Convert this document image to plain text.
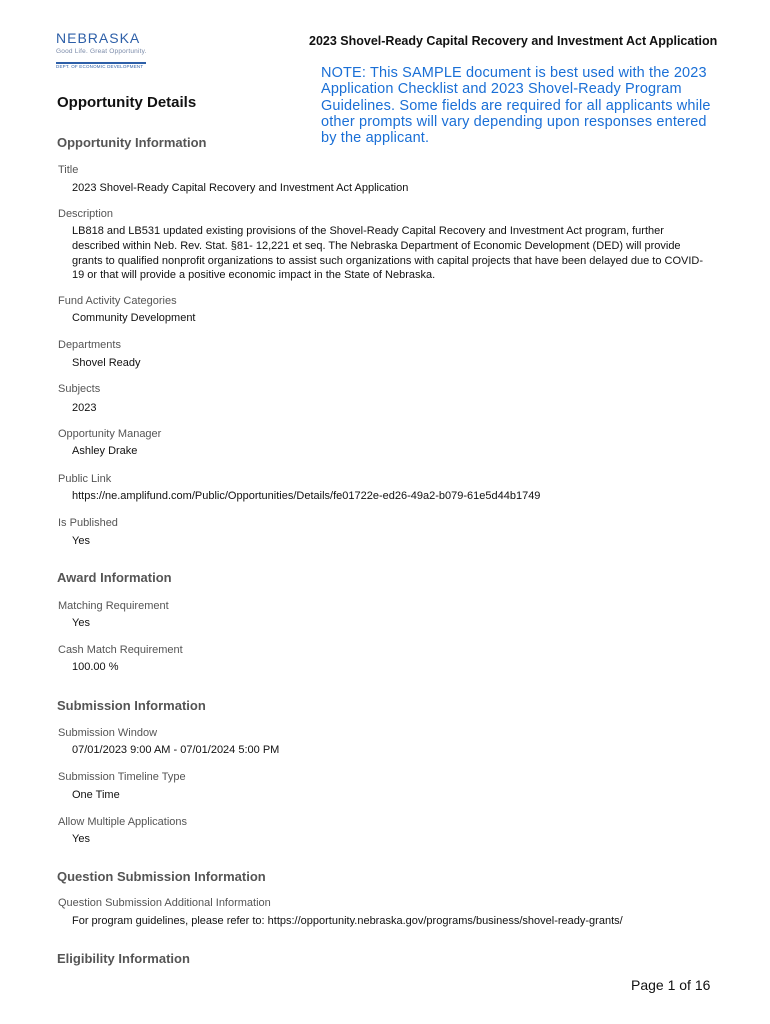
NEBRASKA
Good Life. Great Opportunity.
DEPT. OF ECONOMIC DEVELOPMENT
2023 Shovel-Ready Capital Recovery and Investment Act Application
NOTE: This SAMPLE document is best used with the 2023 Application Checklist and 2023 Shovel-Ready Program Guidelines. Some fields are required for all applicants while other prompts will vary depending upon responses entered by the applicant.
Opportunity Details
Opportunity Information
Title
2023 Shovel-Ready Capital Recovery and Investment Act Application
Description
LB818 and LB531 updated existing provisions of the Shovel-Ready Capital Recovery and Investment Act program, further described within Neb. Rev. Stat. §81- 12,221 et seq. The Nebraska Department of Economic Development (DED) will provide grants to qualified nonprofit organizations to assist such organizations with capital projects that have been delayed due to COVID-19 or that will provide a positive economic impact in the State of Nebraska.
Fund Activity Categories
Community Development
Departments
Shovel Ready
Subjects
2023
Opportunity Manager
Ashley Drake
Public Link
https://ne.amplifund.com/Public/Opportunities/Details/fe01722e-ed26-49a2-b079-61e5d44b1749
Is Published
Yes
Award Information
Matching Requirement
Yes
Cash Match Requirement
100.00 %
Submission Information
Submission Window
07/01/2023 9:00 AM - 07/01/2024 5:00 PM
Submission Timeline Type
One Time
Allow Multiple Applications
Yes
Question Submission Information
Question Submission Additional Information
For program guidelines, please refer to: https://opportunity.nebraska.gov/programs/business/shovel-ready-grants/
Eligibility Information
Page 1 of 16
